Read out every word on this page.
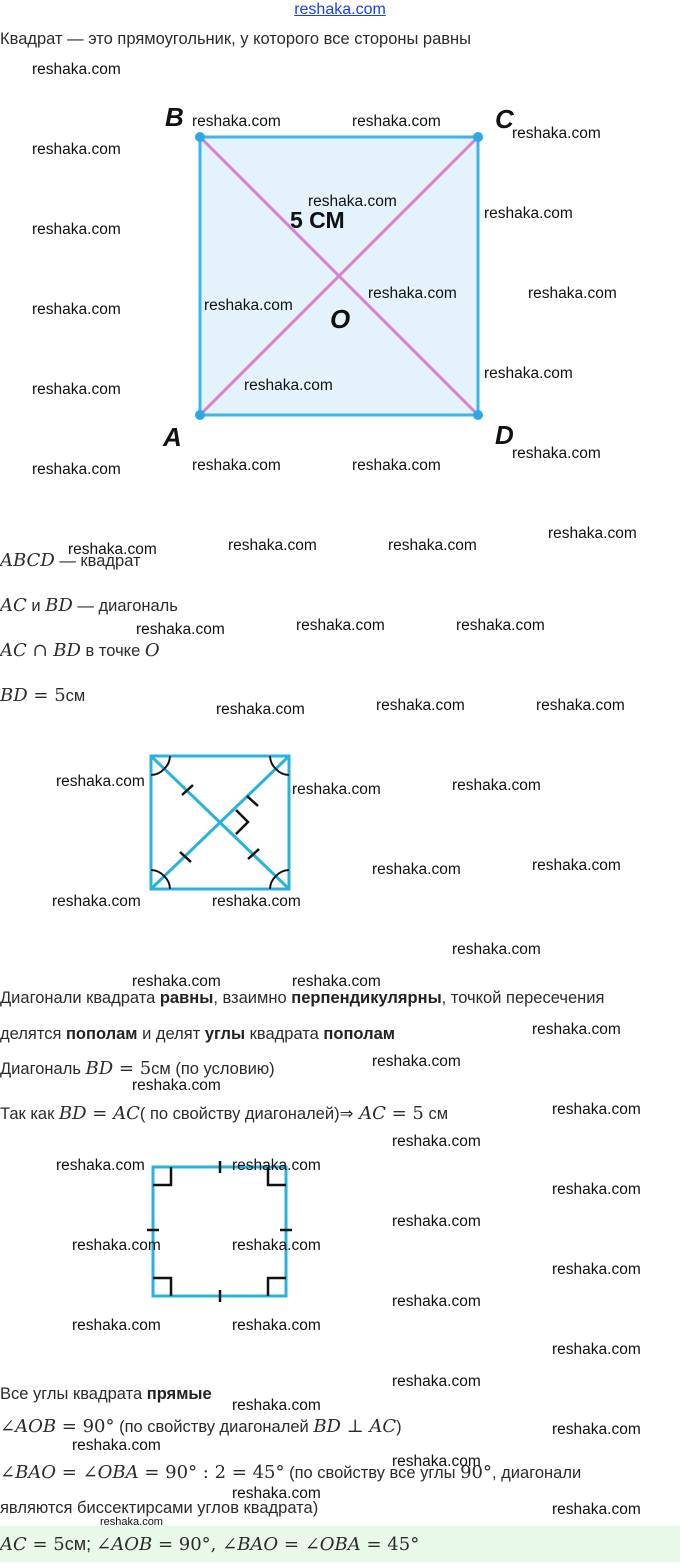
reshaka.com
Квадрат — это прямоугольник, у которого все стороны равны
B	C
A	D
O
5 СМ
ABCD — квадрат
AC и BD — диагональ
AC ∩ BD в точке O
BD = 5см
Диагонали квадрата равны, взаимно перпендикулярны, точкой пересечения
делятся пополам и делят углы квадрата пополам
Диагональ BD = 5см (по условию)
Так как BD = AC( по свойству диагоналей)⇒ AC = 5 см
Все углы квадрата прямые
∠AOB = 90° (по свойству диагоналей BD ⊥ AC)
∠BAO = ∠OBA = 90° : 2 = 45° (по свойству все углы 90°, диагонали
являются биссектирсами углов квадрата)
AC = 5см; ∠AOB = 90°, ∠BAO = ∠OBA = 45°
reshaka.com
reshaka.com
reshaka.com
reshaka.com
reshaka.com
reshaka.com
reshaka.com	reshaka.com
reshaka.com
reshaka.com
reshaka.com
reshaka.com
reshaka.com	reshaka.com
reshaka.com
reshaka.com
reshaka.com	reshaka.com
reshaka.com
reshaka.com
reshaka.com	reshaka.com	reshaka.com
reshaka.com	reshaka.com	reshaka.com
reshaka.com	reshaka.com	reshaka.com
reshaka.com	reshaka.com	reshaka.com
reshaka.com	reshaka.com
reshaka.com	reshaka.com
reshaka.com
reshaka.com	reshaka.com
reshaka.com
reshaka.com
reshaka.com
reshaka.com
reshaka.com
reshaka.com	reshaka.com
reshaka.com
reshaka.com
reshaka.com	reshaka.com
reshaka.com
reshaka.com
reshaka.com	reshaka.com
reshaka.com
reshaka.com
reshaka.com
reshaka.com
reshaka.com
reshaka.com
reshaka.com
reshaka.com
reshaka.com
